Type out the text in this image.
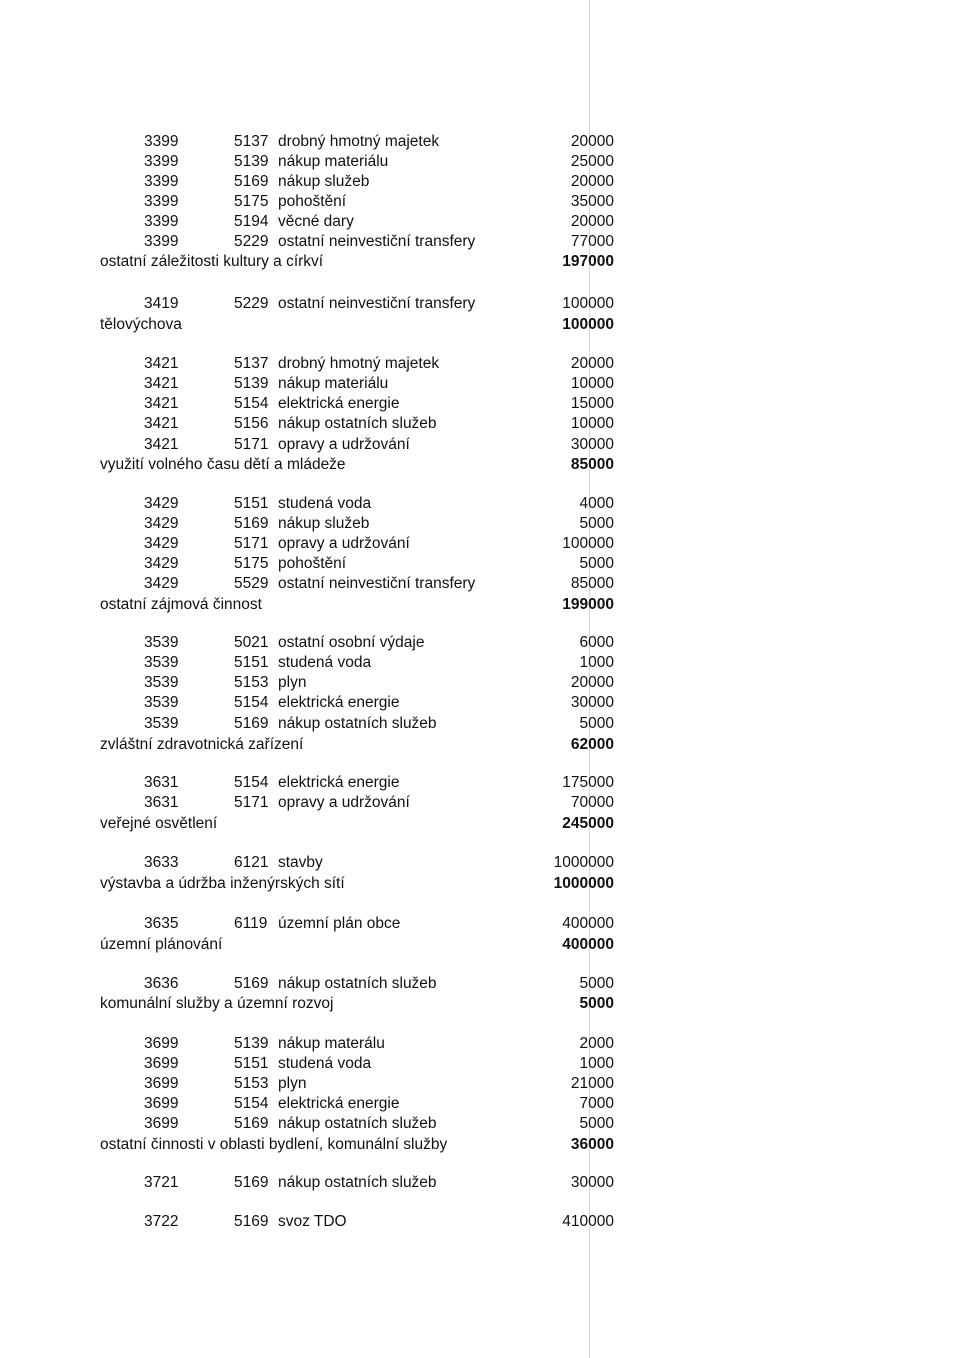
3399	5137 drobný hmotný majetek	20000
3399	5139 nákup materiálu	25000
3399	5169 nákup služeb	20000
3399	5175 pohoštění	35000
3399	5194 věcné dary	20000
3399	5229 ostatní neinvestiční transfery	77000
ostatní záležitosti kultury a církví	197000
3419	5229 ostatní neinvestiční transfery	100000
tělovýchova	100000
3421	5137 drobný hmotný majetek	20000
3421	5139 nákup materiálu	10000
3421	5154 elektrická energie	15000
3421	5156 nákup ostatních služeb	10000
3421	5171 opravy a udržování	30000
využití volného času dětí a mládeže	85000
3429	5151 studená voda	4000
3429	5169 nákup služeb	5000
3429	5171 opravy a udržování	100000
3429	5175 pohoštění	5000
3429	5529 ostatní neinvestiční transfery	85000
ostatní zájmová činnost	199000
3539	5021 ostatní osobní výdaje	6000
3539	5151 studená voda	1000
3539	5153 plyn	20000
3539	5154 elektrická energie	30000
3539	5169 nákup ostatních služeb	5000
zvláštní zdravotnická zařízení	62000
3631	5154 elektrická energie	175000
3631	5171 opravy a udržování	70000
veřejné osvětlení	245000
3633	6121 stavby	1000000
výstavba a údržba inženýrských sítí	1000000
3635	6119 územní plán obce	400000
územní plánování	400000
3636	5169 nákup ostatních služeb	5000
komunální služby a územní rozvoj	5000
3699	5139 nákup materálu	2000
3699	5151 studená voda	1000
3699	5153 plyn	21000
3699	5154 elektrická energie	7000
3699	5169 nákup ostatních služeb	5000
ostatní činnosti v oblasti bydlení, komunální služby	36000
3721	5169 nákup ostatních služeb	30000
3722	5169 svoz TDO	410000
